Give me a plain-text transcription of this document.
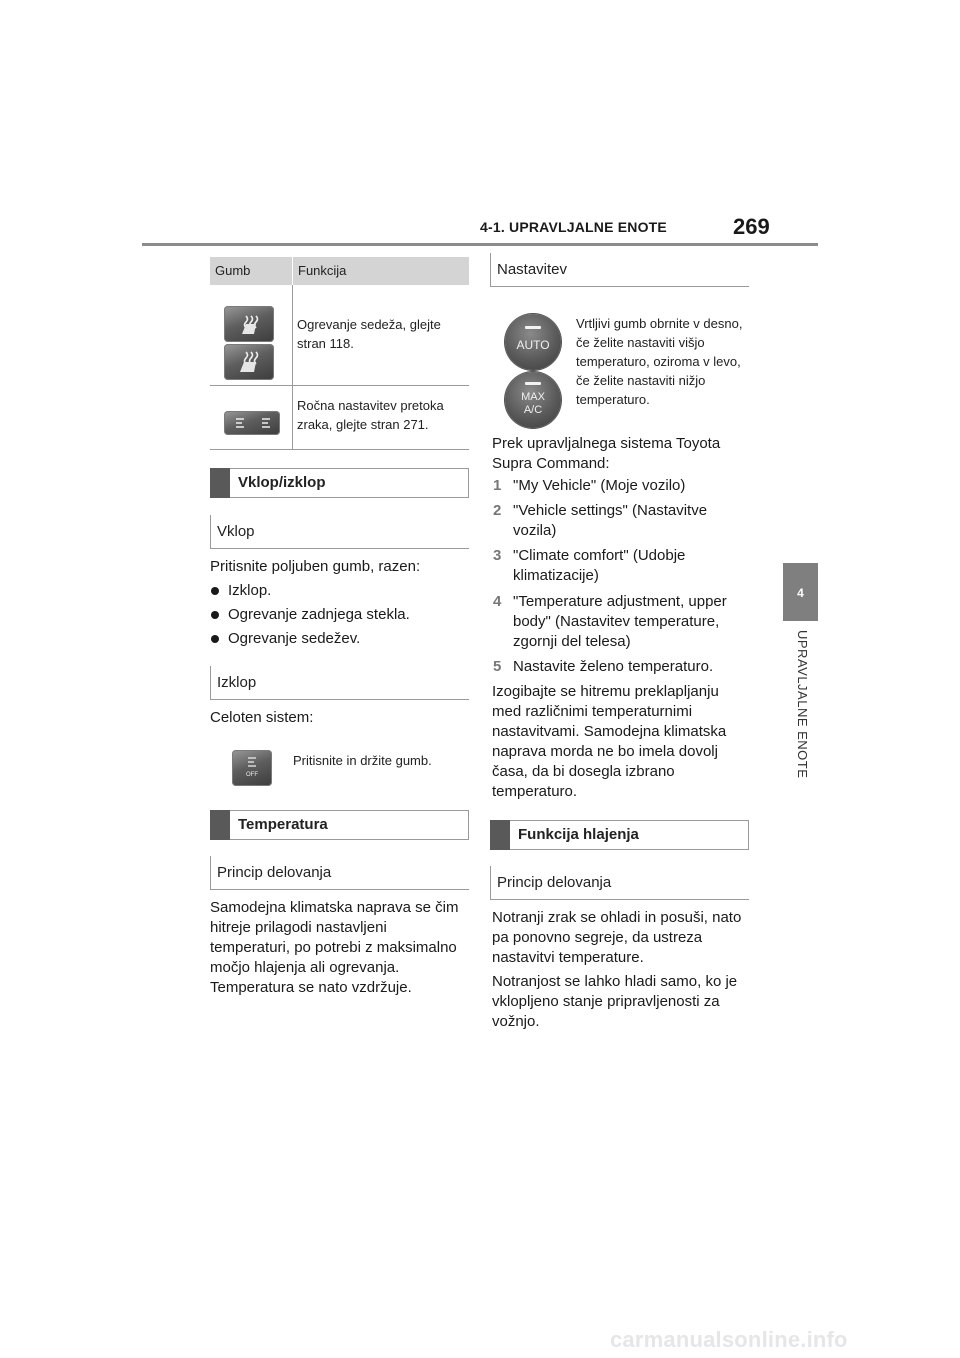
4-1. UPRAVLJALNE ENOTE	269
4
UPRAVLJALNE ENOTE
Gumb	Funkcija
Ogrevanje sedeža, glejte stran 118.
Ročna nastavitev pretoka zraka, glejte stran 271.
Vklop/izklop
Vklop
Pritisnite poljuben gumb, razen:
Izklop.
Ogrevanje zadnjega stekla.
Ogrevanje sedežev.
Izklop
Celoten sistem:
OFF
Pritisnite in držite gumb.
Temperatura
Princip delovanja
Samodejna klimatska naprava se čim hitreje prilagodi nastavljeni temperaturi, po potrebi z maksimalno močjo hlajenja ali ogrevanja. Temperatura se nato vzdržuje.
Nastavitev
AUTO
MAX
A/C
Vrtljivi gumb obrnite v desno, če želite nastaviti višjo temperaturo, oziroma v levo, če želite nastaviti nižjo temperaturo.
Prek upravljalnega sistema Toyota Supra Command:
1 "My Vehicle" (Moje vozilo)
2 "Vehicle settings" (Nastavitve vozila)
3 "Climate comfort" (Udobje klimatizacije)
4 "Temperature adjustment, upper body" (Nastavitev temperature, zgornji del telesa)
5 Nastavite želeno temperaturo.
Izogibajte se hitremu preklapljanju med različnimi temperaturnimi nastavitvami. Samodejna klimatska naprava morda ne bo imela dovolj časa, da bi dosegla izbrano temperaturo.
Funkcija hlajenja
Princip delovanja
Notranji zrak se ohladi in posuši, nato pa ponovno segreje, da ustreza nastavitvi temperature.
Notranjost se lahko hladi samo, ko je vklopljeno stanje pripravljenosti za vožnjo.
carmanualsonline.info
